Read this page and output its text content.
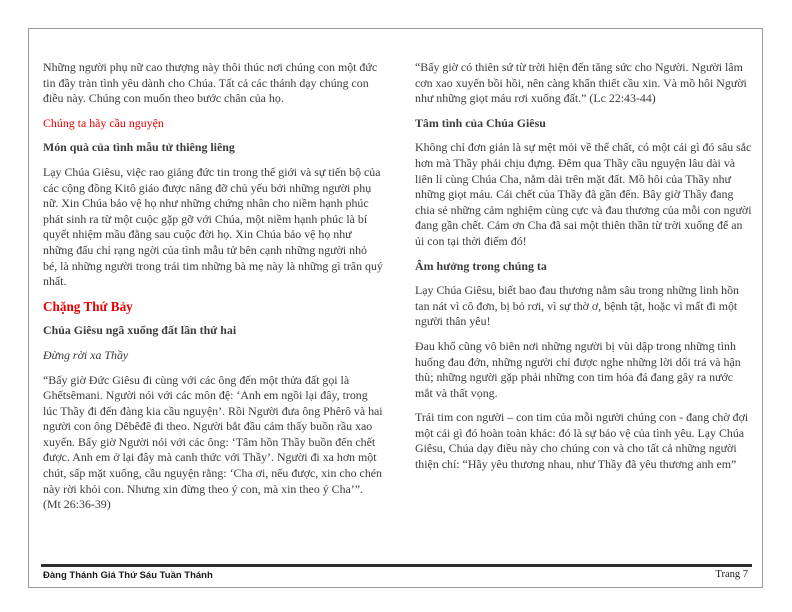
Những người phụ nữ cao thượng này thôi thúc nơi chúng con một đức tin đầy tràn tình yêu dành cho Chúa. Tất cả các thánh dạy chúng con điều này. Chúng con muốn theo bước chân của họ.

Chúng ta hãy cầu nguyện

Món quà của tình mẫu tử thiêng liêng

Lạy Chúa Giêsu, việc rao giảng đức tin trong thế giới và sự tiến bộ của các cộng đồng Kitô giáo được nâng đỡ chủ yếu bởi những người phụ nữ. Xin Chúa bảo vệ họ như những chứng nhân cho niềm hạnh phúc phát sinh ra từ một cuộc gặp gỡ với Chúa, một niềm hạnh phúc là bí quyết nhiệm mầu đằng sau cuộc đời họ. Xin Chúa bảo vệ họ như những đấu chỉ rạng ngời của tình mẫu tử bên cạnh những người nhỏ bé, là những người trong trái tim những bà mẹ này là những gì trân quý nhất.

Chặng Thứ Bảy

Chúa Giêsu ngã xuống đất lần thứ hai

Đừng rời xa Thầy

“Bấy giờ Đức Giêsu đi cùng với các ông đến một thửa đất gọi là Ghếtsêmani. Người nói với các môn đệ: ‘Anh em ngồi lại đây, trong lúc Thầy đi đến đàng kia cầu nguyện’. Rồi Người đưa ông Phêrô và hai người con ông Dêbêđê đi theo. Người bắt đầu cảm thấy buồn rầu xao xuyến. Bấy giờ Người nói với các ông: ‘Tâm hồn Thầy buồn đến chết được. Anh em ở lại đây mà canh thức với Thầy’. Người đi xa hơn một chút, sấp mặt xuống, cầu nguyện rằng: ‘Cha ơi, nếu được, xin cho chén này rời khỏi con. Nhưng xin đừng theo ý con, mà xin theo ý Cha’”. (Mt 26:36-39)

“Bấy giờ có thiên sứ từ trời hiện đến tăng sức cho Người. Người lâm cơn xao xuyến bồi hồi, nên càng khẩn thiết cầu xin. Và mồ hôi Người như những giọt máu rơi xuống đất.” (Lc 22:43-44)

Tâm tình của Chúa Giêsu

Không chỉ đơn giản là sự mệt mỏi về thể chất, có một cái gì đó sâu sắc hơn mà Thầy phải chịu đựng. Đêm qua Thầy cầu nguyện lâu dài và liên lỉ cùng Chúa Cha, nằm dài trên mặt đất. Mồ hôi của Thầy như những giọt máu. Cái chết của Thầy đã gần đến. Bây giờ Thầy đang chia sẻ những cảm nghiệm cùng cực và đau thương của mỗi con người đang gần chết. Cảm ơn Cha đã sai một thiên thần từ trời xuống để an ủi con tại thời điểm đó!

Âm hưởng trong chúng ta

Lạy Chúa Giêsu, biết bao đau thương nằm sâu trong những linh hồn tan nát vì cô đơn, bị bỏ rơi, vì sự thờ ơ, bệnh tật, hoặc vì mất đi một người thân yêu!

Đau khổ cũng vô biên nơi những người bị vùi dập trong những tình huống đau đớn, những người chỉ được nghe những lời dối trá và hận thù; những người gặp phải những con tim hóa đá đang gây ra nước mắt và thất vọng.

Trái tim con người – con tim của mỗi người chúng con - đang chờ đợi một cái gì đó hoàn toàn khác: đó là sự bảo vệ của tình yêu. Lạy Chúa Giêsu, Chúa dạy điều này cho chúng con và cho tất cả những người thiện chí: “Hãy yêu thương nhau, như Thầy đã yêu thương anh em”

Đàng Thánh Giá Thứ Sáu Tuần Thánh	Trang 7
